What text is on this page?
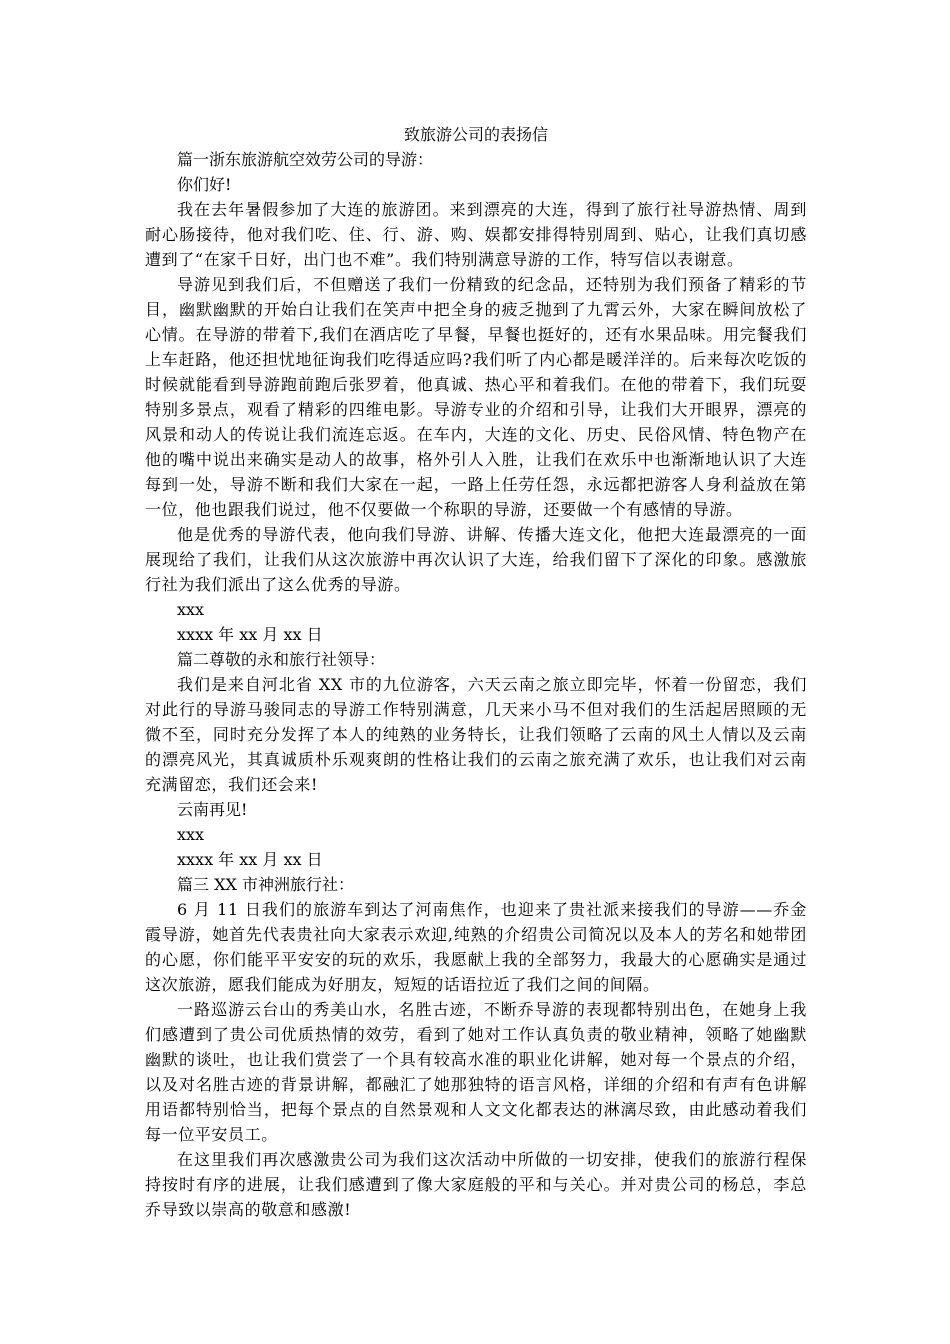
致旅游公司的表扬信
篇一浙东旅游航空效劳公司的导游：
你们好!

我在去年暑假参加了大连的旅游团。来到漂亮的大连，得到了旅行社导游热情、周到耐心肠接待，他对我们吃、住、行、游、购、娱都安排得特别周到、贴心，让我们真切感遭到了“在家千日好，出门也不难”。我们特别满意导游的工作，特写信以表谢意。

导游见到我们后，不但赠送了我们一份精致的纪念品，还特别为我们预备了精彩的节目，幽默幽默的开始白让我们在笑声中把全身的疲乏抛到了九霄云外，大家在瞬间放松了心情。在导游的带着下,我们在酒店吃了早餐，早餐也挺好的，还有水果品味。用完餐我们上车赶路，他还担忧地征询我们吃得适应吗?我们听了内心都是暖洋洋的。后来每次吃饭的时候就能看到导游跑前跑后张罗着，他真诚、热心平和着我们。在他的带着下，我们玩耍特别多景点，观看了精彩的四维电影。导游专业的介绍和引导，让我们大开眼界，漂亮的风景和动人的传说让我们流连忘返。在车内，大连的文化、历史、民俗风情、特色物产在他的嘴中说出来确实是动人的故事，格外引人入胜，让我们在欢乐中也渐渐地认识了大连每到一处，导游不断和我们大家在一起，一路上任劳任怨，永远都把游客人身利益放在第一位，他也跟我们说过，他不仅要做一个称职的导游，还要做一个有感情的导游。

他是优秀的导游代表，他向我们导游、讲解、传播大连文化，他把大连最漂亮的一面展现给了我们，让我们从这次旅游中再次认识了大连，给我们留下了深化的印象。感激旅行社为我们派出了这么优秀的导游。

xxx
xxxx 年 xx 月 xx 日
篇二尊敬的永和旅行社领导：

我们是来自河北省 XX 市的九位游客，六天云南之旅立即完毕，怀着一份留恋，我们对此行的导游马骏同志的导游工作特别满意，几天来小马不但对我们的生活起居照顾的无微不至，同时充分发挥了本人的纯熟的业务特长，让我们领略了云南的风土人情以及云南的漂亮风光，其真诚质朴乐观爽朗的性格让我们的云南之旅充满了欢乐，也让我们对云南充满留恋，我们还会来!

云南再见!
xxx
xxxx 年 xx 月 xx 日
篇三 XX 市神洲旅行社：

6 月 11 日我们的旅游车到达了河南焦作，也迎来了贵社派来接我们的导游——乔金霞导游，她首先代表贵社向大家表示欢迎,纯熟的介绍贵公司简况以及本人的芳名和她带团的心愿，你们能平平安安的玩的欢乐，我愿献上我的全部努力，我最大的心愿确实是通过这次旅游，愿我们能成为好朋友，短短的话语拉近了我们之间的间隔。

一路巡游云台山的秀美山水，名胜古迹，不断乔导游的表现都特别出色，在她身上我们感遭到了贵公司优质热情的效劳，看到了她对工作认真负责的敬业精神，领略了她幽默幽默的谈吐，也让我们赏尝了一个具有较高水准的职业化讲解，她对每一个景点的介绍，以及对名胜古迹的背景讲解，都融汇了她那独特的语言风格，详细的介绍和有声有色讲解用语都特别恰当，把每个景点的自然景观和人文文化都表达的淋漓尽致，由此感动着我们每一位平安员工。

在这里我们再次感激贵公司为我们这次活动中所做的一切安排，使我们的旅游行程保持按时有序的进展，让我们感遭到了像大家庭般的平和与关心。并对贵公司的杨总，李总乔导致以崇高的敬意和感激!
